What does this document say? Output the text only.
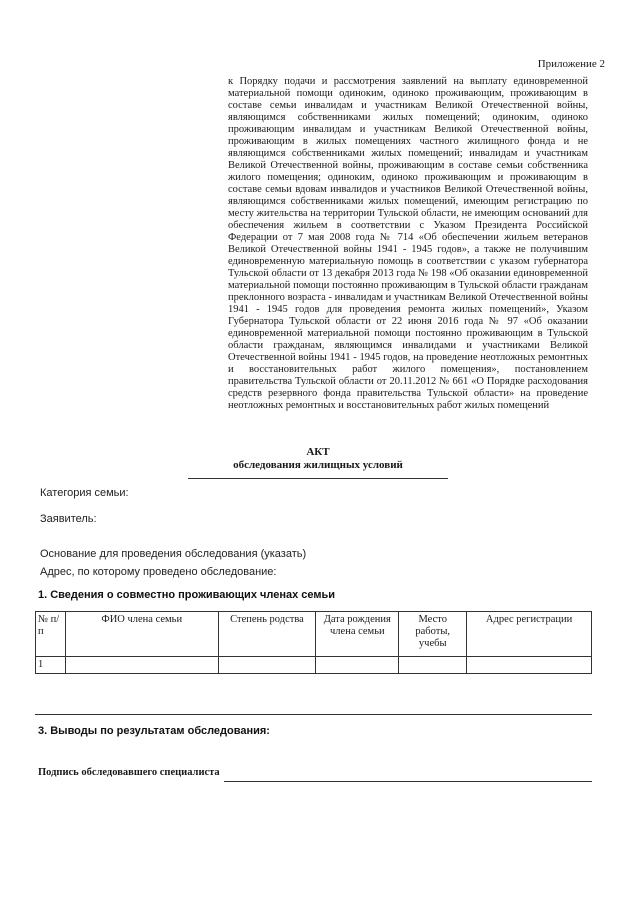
Приложение 2

к Порядку подачи и рассмотрения заявлений на выплату единовременной материальной помощи одиноким, одиноко проживающим, проживающим в составе семьи инвалидам и участникам Великой Отечественной войны, являющимся собственниками жилых помещений; одиноким, одиноко проживающим инвалидам и участникам Великой Отечественной войны, проживающим в жилых помещениях частного жилищного фонда и не являющимся собственниками жилых помещений; инвалидам и участникам Великой Отечественной войны, проживающим в составе семьи собственника жилого помещения; одиноким, одиноко проживающим и проживающим в составе семьи вдовам инвалидов и участников Великой Отечественной войны, являющимся собственниками жилых помещений, имеющим регистрацию по месту жительства на территории Тульской области, не имеющим оснований для обеспечения жильем в соответствии с Указом Президента Российской Федерации от 7 мая 2008 года № 714 «Об обеспечении жильем ветеранов Великой Отечественной войны 1941 - 1945 годов», а также не получившим единовременную материальную помощь в соответствии с указом губернатора Тульской области от 13 декабря 2013 года № 198 «Об оказании единовременной материальной помощи постоянно проживающим в Тульской области гражданам преклонного возраста - инвалидам и участникам Великой Отечественной войны 1941 - 1945 годов для проведения ремонта жилых помещений», Указом Губернатора Тульской области от 22 июня 2016 года № 97 «Об оказании единовременной материальной помощи постоянно проживающим в Тульской области гражданам, являющимся инвалидами и участниками Великой Отечественной войны 1941 - 1945 годов, на проведение неотложных ремонтных и восстановительных работ жилого помещения», постановлением правительства Тульской области от 20.11.2012 № 661 «О Порядке расходования средств резервного фонда правительства Тульской области» на проведение неотложных ремонтных и восстановительных работ жилых помещений

АКТ
обследования жилищных условий
Категория семьи:
Заявитель:
Основание для проведения обследования (указать)
Адрес, по которому проведено обследование:
1. Сведения о совместно проживающих членах семьи
№ п/п	ФИО члена семьи	Степень родства	Дата рождения члена семьи	Место работы, учебы	Адрес регистрации
1					
3. Выводы по результатам обследования:
Подпись обследовавшего специалиста
